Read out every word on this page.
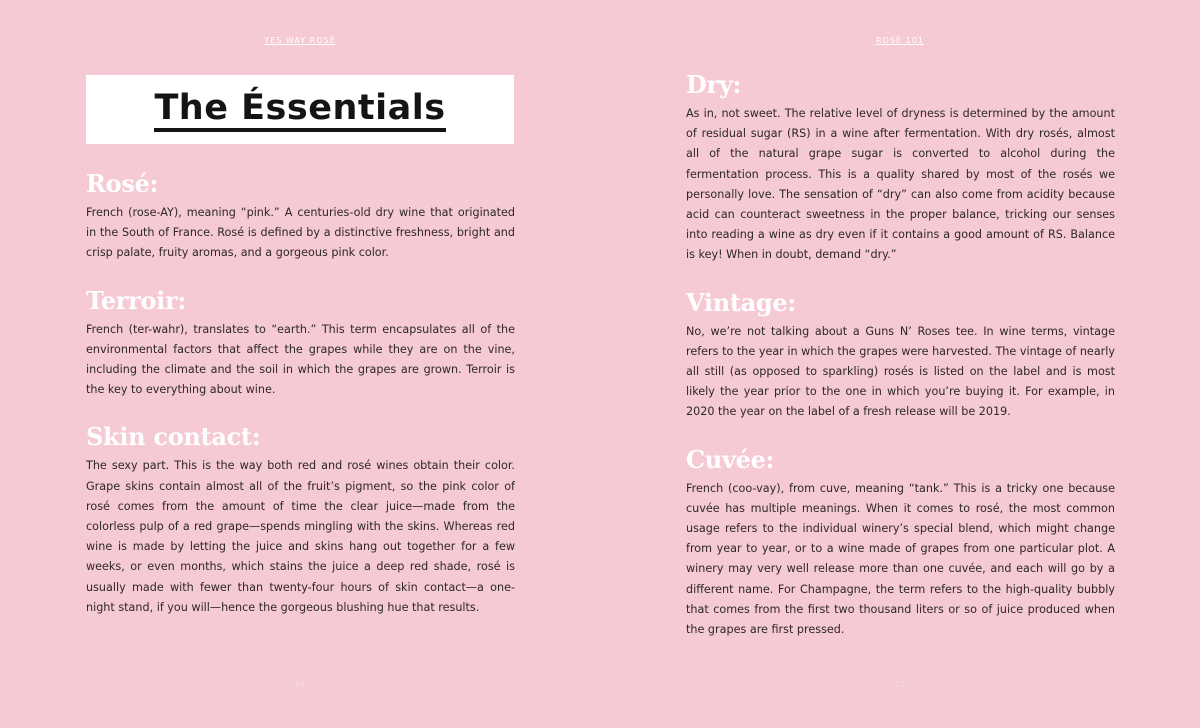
YES WAY ROSÉ
The Éssentials
Rosé:

French (rose-AY), meaning “pink.” A centuries-old dry wine that originated in the South of France. Rosé is defined by a distinctive freshness, bright and crisp palate, fruity aromas, and a gorgeous pink color.

Terroir:

French (ter-wahr), translates to “earth.” This term encapsulates all of the environmental factors that affect the grapes while they are on the vine, including the climate and the soil in which the grapes are grown. Terroir is the key to everything about wine.

Skin contact:

The sexy part. This is the way both red and rosé wines obtain their color. Grape skins contain almost all of the fruit’s pigment, so the pink color of rosé comes from the amount of time the clear juice—made from the colorless pulp of a red grape—spends mingling with the skins. Whereas red wine is made by letting the juice and skins hang out together for a few weeks, or even months, which stains the juice a deep red shade, rosé is usually made with fewer than twenty-four hours of skin contact—a one-night stand, if you will—hence the gorgeous blushing hue that results.

26
ROSÉ 101
Dry:

As in, not sweet. The relative level of dryness is determined by the amount of residual sugar (RS) in a wine after fermentation. With dry rosés, almost all of the natural grape sugar is converted to alcohol during the fermentation process. This is a quality shared by most of the rosés we personally love. The sensation of “dry” can also come from acidity because acid can counteract sweetness in the proper balance, tricking our senses into reading a wine as dry even if it contains a good amount of RS. Balance is key! When in doubt, demand “dry.”

Vintage:

No, we’re not talking about a Guns N’ Roses tee. In wine terms, vintage refers to the year in which the grapes were harvested. The vintage of nearly all still (as opposed to sparkling) rosés is listed on the label and is most likely the year prior to the one in which you’re buying it. For example, in 2020 the year on the label of a fresh release will be 2019.

Cuvée:

French (coo-vay), from cuve, meaning “tank.” This is a tricky one because cuvée has multiple meanings. When it comes to rosé, the most common usage refers to the individual winery’s special blend, which might change from year to year, or to a wine made of grapes from one particular plot. A winery may very well release more than one cuvée, and each will go by a different name. For Champagne, the term refers to the high-quality bubbly that comes from the first two thousand liters or so of juice produced when the grapes are first pressed.

27
